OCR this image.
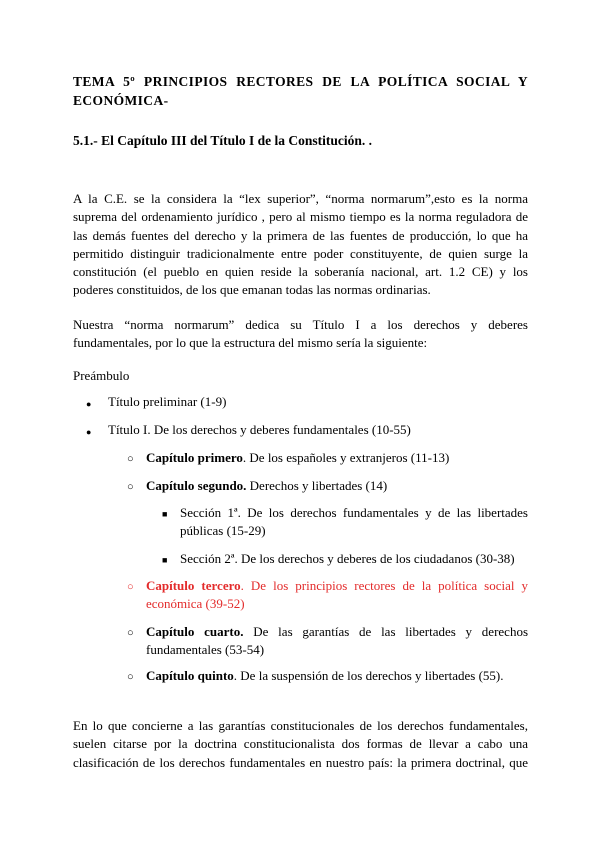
TEMA 5º PRINCIPIOS RECTORES DE LA POLÍTICA SOCIAL Y
ECONÓMICA-
5.1.- El Capítulo III del Título I de la Constitución. .
A la C.E. se la considera la “lex superior”, “norma normarum”,esto es la norma
suprema del ordenamiento jurídico , pero al mismo tiempo es la norma reguladora de
las demás fuentes del derecho y la primera de las fuentes de producción, lo que ha
permitido distinguir tradicionalmente entre poder constituyente, de quien surge la
constitución (el pueblo en quien reside la soberanía nacional, art. 1.2 CE) y los
poderes constituidos, de los que emanan todas las normas ordinarias.
Nuestra “norma normarum” dedica su Título I a los derechos y deberes
fundamentales, por lo que la estructura del mismo sería la siguiente:
Preámbulo
● Título preliminar (1-9)
● Título I. De los derechos y deberes fundamentales (10-55)
○ Capítulo primero. De los españoles y extranjeros (11-13)
○ Capítulo segundo. Derechos y libertades (14)
■ Sección 1ª. De los derechos fundamentales y de las libertades
públicas (15-29)
■ Sección 2ª. De los derechos y deberes de los ciudadanos (30-38)
○ Capítulo tercero. De los principios rectores de la política social y
económica (39-52)
○ Capítulo cuarto. De las garantías de las libertades y derechos
fundamentales (53-54)
○ Capítulo quinto. De la suspensión de los derechos y libertades (55).
En lo que concierne a las garantías constitucionales de los derechos fundamentales,
suelen citarse por la doctrina constitucionalista dos formas de llevar a cabo una
clasificación de los derechos fundamentales en nuestro país: la primera doctrinal, que
